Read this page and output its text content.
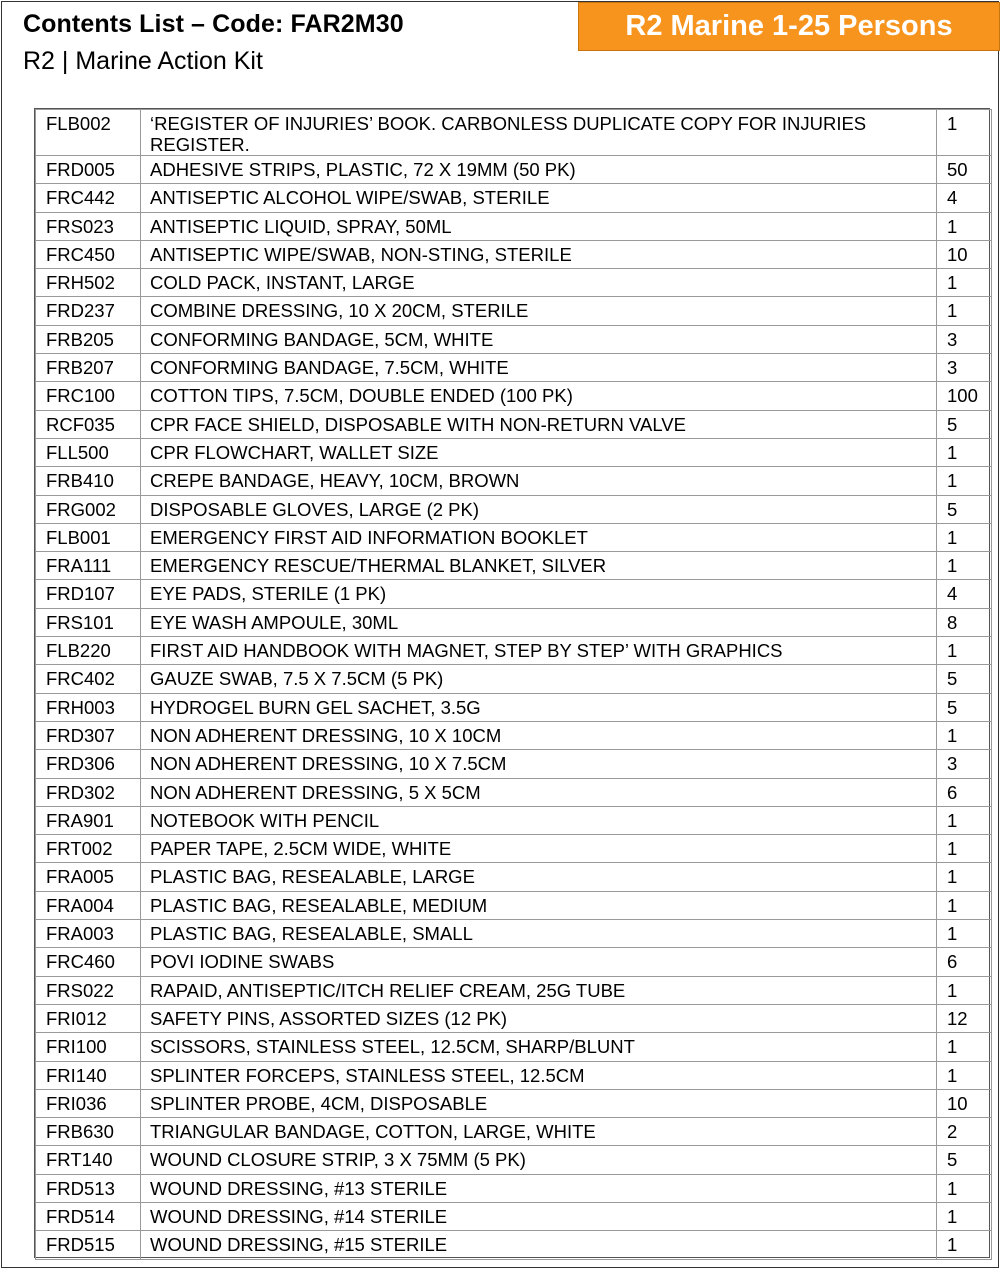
Contents List – Code: FAR2M30
R2 | Marine Action Kit
R2 Marine 1-25 Persons
FLB002	‘REGISTER OF INJURIES’ BOOK. CARBONLESS DUPLICATE COPY FOR INJURIES REGISTER.	1
FRD005	ADHESIVE STRIPS, PLASTIC, 72 X 19MM (50 PK)	50
FRC442	ANTISEPTIC ALCOHOL WIPE/SWAB, STERILE	4
FRS023	ANTISEPTIC LIQUID, SPRAY, 50ML	1
FRC450	ANTISEPTIC WIPE/SWAB, NON-STING, STERILE	10
FRH502	COLD PACK, INSTANT, LARGE	1
FRD237	COMBINE DRESSING, 10 X 20CM, STERILE	1
FRB205	CONFORMING BANDAGE, 5CM, WHITE	3
FRB207	CONFORMING BANDAGE, 7.5CM, WHITE	3
FRC100	COTTON TIPS, 7.5CM, DOUBLE ENDED (100 PK)	100
RCF035	CPR FACE SHIELD, DISPOSABLE WITH NON-RETURN VALVE	5
FLL500	CPR FLOWCHART, WALLET SIZE	1
FRB410	CREPE BANDAGE, HEAVY, 10CM, BROWN	1
FRG002	DISPOSABLE GLOVES, LARGE (2 PK)	5
FLB001	EMERGENCY FIRST AID INFORMATION BOOKLET	1
FRA111	EMERGENCY RESCUE/THERMAL BLANKET, SILVER	1
FRD107	EYE PADS, STERILE (1 PK)	4
FRS101	EYE WASH AMPOULE, 30ML	8
FLB220	FIRST AID HANDBOOK WITH MAGNET, STEP BY STEP’ WITH GRAPHICS	1
FRC402	GAUZE SWAB, 7.5 X 7.5CM (5 PK)	5
FRH003	HYDROGEL BURN GEL SACHET, 3.5G	5
FRD307	NON ADHERENT DRESSING, 10 X 10CM	1
FRD306	NON ADHERENT DRESSING, 10 X 7.5CM	3
FRD302	NON ADHERENT DRESSING, 5 X 5CM	6
FRA901	NOTEBOOK WITH PENCIL	1
FRT002	PAPER TAPE, 2.5CM WIDE, WHITE	1
FRA005	PLASTIC BAG, RESEALABLE, LARGE	1
FRA004	PLASTIC BAG, RESEALABLE, MEDIUM	1
FRA003	PLASTIC BAG, RESEALABLE, SMALL	1
FRC460	POVI IODINE SWABS	6
FRS022	RAPAID, ANTISEPTIC/ITCH RELIEF CREAM, 25G TUBE	1
FRI012	SAFETY PINS, ASSORTED SIZES (12 PK)	12
FRI100	SCISSORS, STAINLESS STEEL, 12.5CM, SHARP/BLUNT	1
FRI140	SPLINTER FORCEPS, STAINLESS STEEL, 12.5CM	1
FRI036	SPLINTER PROBE, 4CM, DISPOSABLE	10
FRB630	TRIANGULAR BANDAGE, COTTON, LARGE, WHITE	2
FRT140	WOUND CLOSURE STRIP, 3 X 75MM (5 PK)	5
FRD513	WOUND DRESSING, #13 STERILE	1
FRD514	WOUND DRESSING, #14 STERILE	1
FRD515	WOUND DRESSING, #15 STERILE	1
